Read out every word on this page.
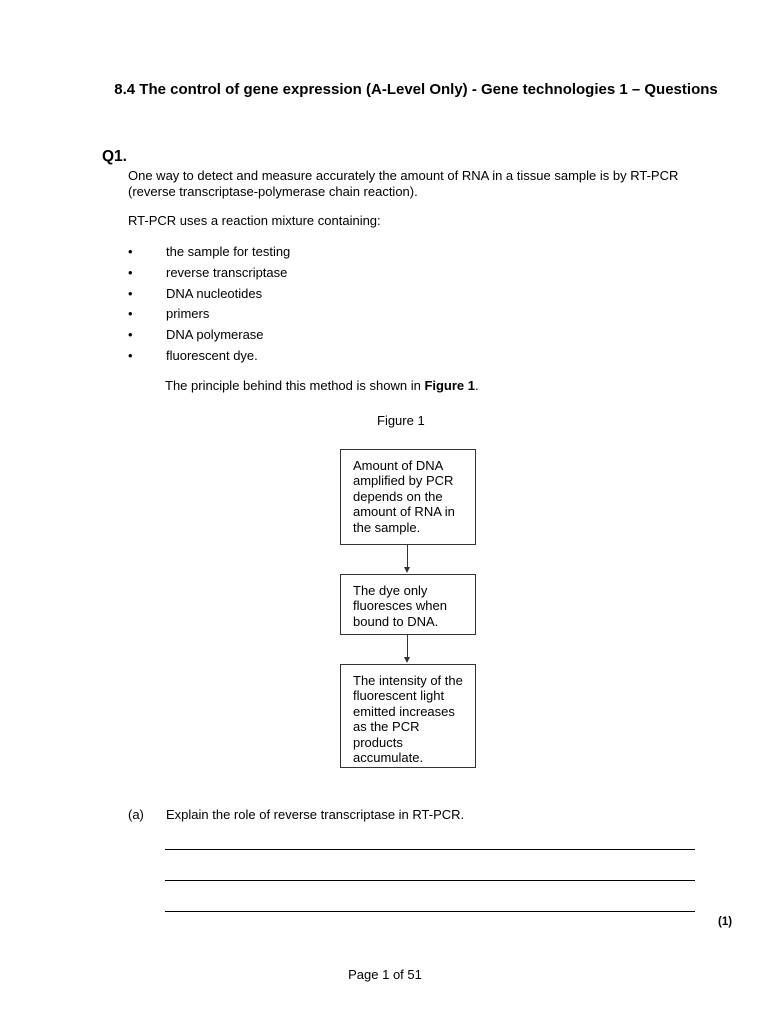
8.4 The control of gene expression (A-Level Only) - Gene technologies 1 – Questions
Q1.
One way to detect and measure accurately the amount of RNA in a tissue sample is by RT-PCR (reverse transcriptase-polymerase chain reaction).
RT-PCR uses a reaction mixture containing:
•	the sample for testing
•	reverse transcriptase
•	DNA nucleotides
•	primers
•	DNA polymerase
•	fluorescent dye.
The principle behind this method is shown in Figure 1.
Figure 1
Amount of DNA amplified by PCR depends on the amount of RNA in the sample.
The dye only fluoresces when bound to DNA.
The intensity of the fluorescent light emitted increases as the PCR products accumulate.
(a) Explain the role of reverse transcriptase in RT-PCR.
(1)
Page 1 of 51
